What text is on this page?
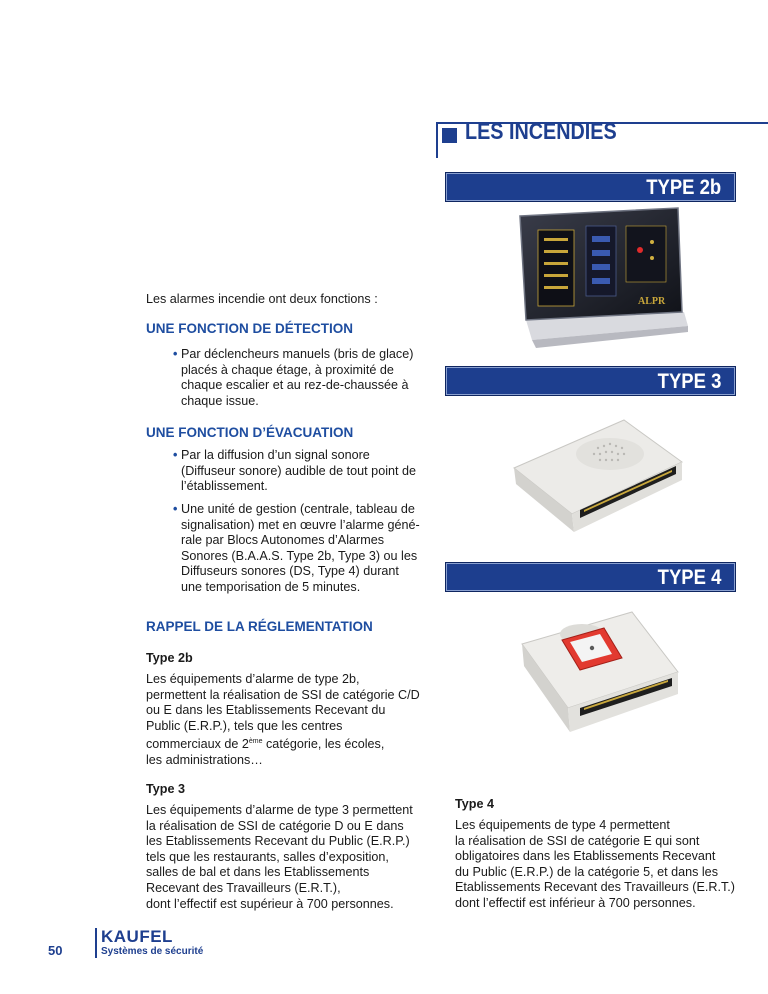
LES INCENDIES
TYPE 2b
ALPR
TYPE 3
TYPE 4
Les alarmes incendie ont deux fonctions :
UNE FONCTION DE DÉTECTION
• Par déclencheurs manuels (bris de glace)
placés à chaque étage, à proximité de
chaque escalier et au rez-de-chaussée à
chaque issue.
UNE FONCTION D’ÉVACUATION
• Par la diffusion d’un signal sonore
(Diffuseur sonore) audible de tout point de
l’établissement.
• Une unité de gestion (centrale, tableau de
signalisation) met en œuvre l’alarme géné-
rale par Blocs Autonomes d’Alarmes
Sonores (B.A.A.S. Type 2b, Type 3) ou les
Diffuseurs sonores (DS, Type 4) durant
une temporisation de 5 minutes.
RAPPEL DE LA RÉGLEMENTATION
Type 2b
Les équipements d’alarme de type 2b,
permettent la réalisation de SSI de catégorie C/D
ou E dans les Etablissements Recevant du
Public (E.R.P.), tels que les centres
commerciaux de 2ème catégorie, les écoles,
les administrations…
Type 3
Les équipements d’alarme de type 3 permettent
la réalisation de SSI de catégorie D ou E dans
les Etablissements Recevant du Public (E.R.P.)
tels que les restaurants, salles d’exposition,
salles de bal et dans les Etablissements
Recevant des Travailleurs (E.R.T.),
dont l’effectif est supérieur à 700 personnes.
Type 4
Les équipements de type 4 permettent
la réalisation de SSI de catégorie E qui sont
obligatoires dans les Etablissements Recevant
du Public (E.R.P.) de la catégorie 5, et dans les
Etablissements Recevant des Travailleurs (E.R.T.)
dont l’effectif est inférieur à 700 personnes.
50
KAUFEL
Systèmes de sécurité
